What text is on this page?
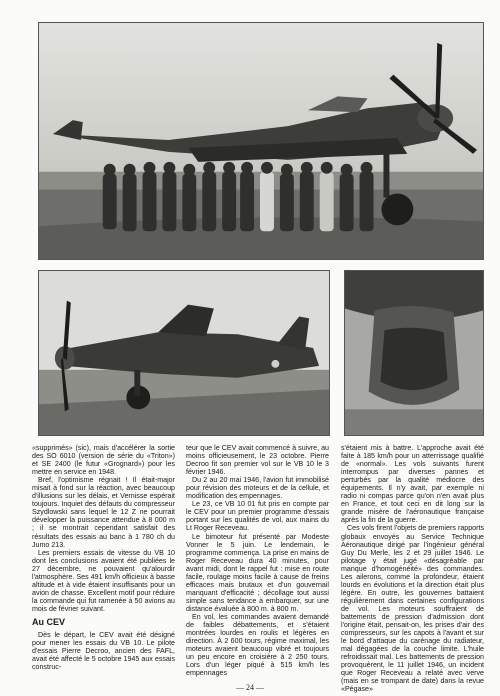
«supprimés» (sic), mais d'accélérer la sortie des SO 6010 (version de série du «Triton») et SE 2400 (le futur «Grognard») pour les mettre en service en 1948.

Bref, l'optimisme régnait ! Il était-major misait à fond sur la réaction, avec beaucoup d'illusions sur les délais, et Vernisse espérait toujours. Inquiet des défauts du compresseur Szydlowski sans lequel le 12 Z ne pourrait développer la puissance attendue à 8 000 m ; il se montrait cependant satisfait des résultats des essais au banc à 1 780 ch du Jumo 213.

Les premiers essais de vitesse du VB 10 dont les conclusions avaient été publiées le 27 décembre, ne pouvaient qu'alourdir l'atmosphère. Ses 491 km/h officieux à basse altitude et à vide étaient insuffisants pour un avion de chasse. Excellent motif pour réduire la commande qui fut ramenée à 50 avions au mois de février suivant.

Au CEV

Dès le départ, le CEV avait été désigné pour mener les essais du VB 10. Le pilote d'essais Pierre Decroo, ancien des FAFL, avait été affecté le 5 octobre 1945 aux essais construc-

teur que le CEV avait commencé à suivre, au moins officieusement, le 23 octobre. Pierre Decroo fit son premier vol sur le VB 10 le 3 février 1946.

Du 2 au 20 mai 1946, l'avion fut immobilisé pour révision des moteurs et de la cellule, et modification des empennages.

Le 23, ce VB 10 01 fut pris en compte par le CEV pour un premier programme d'essais portant sur les qualités de vol, aux mains du Lt Roger Receveau.

Le bimoteur fut présenté par Modeste Vonner le 5 juin. Le lendemain, le programme commença. La prise en mains de Roger Receveau dura 40 minutes, pour avant midi, dont le rappel fut : mise en route facile, roulage moins facile à cause de freins efficaces mais brutaux et d'un gouvernail manquant d'efficacité ; décollage tout aussi simple sans tendance à embarquer, sur une distance évaluée à 800 m. à 800 m.

En vol, les commandes avaient demandé de faibles débattements, et s'étaient montrées lourdes en roulis et légères en direction. À 2 600 tours, régime maximal, les moteurs avaient beaucoup vibré et toujours un peu encore en croisière à 2 250 tours. Lors d'un léger piqué à 515 km/h les empennages

s'étaient mis à battre. L'approche avait été faite à 185 km/h pour un atterrissage qualifié de «normal». Les vols suivants furent interrompus par diverses pannes et perturbés par la qualité médiocre des équipements. Il n'y avait, par exemple ni radio ni compas parce qu'on n'en avait plus en France, et tout ceci en dit long sur la grande misère de l'aéronautique française après la fin de la guerre.

Ces vols firent l'objets de premiers rapports globaux envoyés au Service Technique Aéronautique dirigé par l'ingénieur général Guy Du Merle, les 2 et 29 juillet 1946. Le pilotage y était jugé «désagréable par manque d'homogénéité» des commandes. Les ailerons, comme la profondeur, étaient lourds en évolutions et la direction était plus légère. En outre, les gouvernes battaient régulièrement dans certaines configurations de vol. Les moteurs souffraient de battements de pression d'admission dont l'origine était, pensait-on, les prises d'air des compresseurs, sur les capots à l'avant et sur le bord d'attaque du carénage du radiateur, mal dégagées de la couche limite. L'huile refroidissait mal. Les battements de pression provoquèrent, le 11 juillet 1946, un incident que Roger Receveau a relaté avec verve (mais en se trompant de date) dans la revue «Pégase»

— 24 —
